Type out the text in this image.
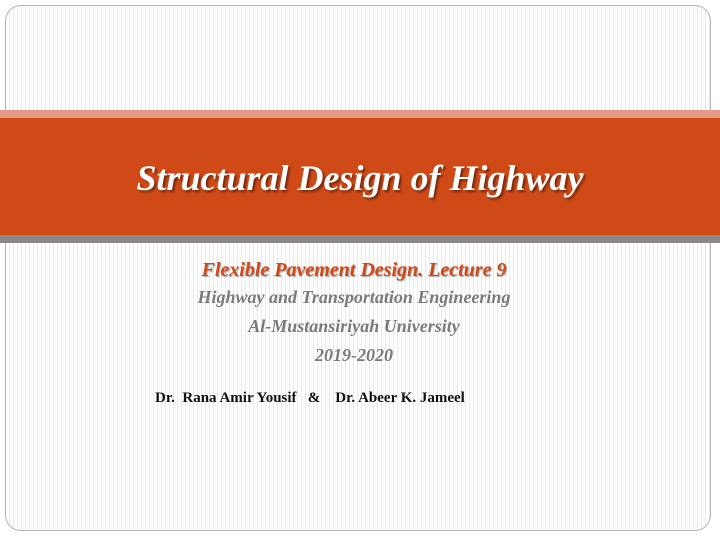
Structural Design of Highway
Flexible Pavement Design. Lecture 9
Highway and Transportation Engineering
Al-Mustansiriyah University
2019-2020
Dr.  Rana Amir Yousif   &    Dr. Abeer K. Jameel
